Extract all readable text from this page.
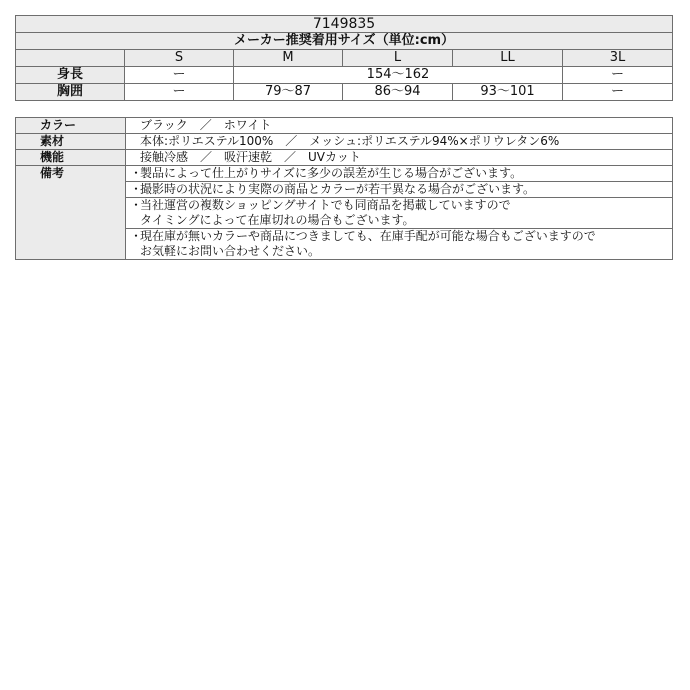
7149835					
メーカー推奨着用サイズ（単位:cm）					
	S	M	L	LL	3L
身長	ー	154～162			ー
胸囲	ー	79～87	86～94	93～101	ー
カラー	ブラック　／　ホワイト
素材	本体:ポリエステル100%　／　メッシュ:ポリエステル94%×ポリウレタン6%
機能	接触冷感　／　吸汗速乾　／　UVカット
備考	・製品によって仕上がりサイズに多少の誤差が生じる場合がございます。

	・撮影時の状況により実際の商品とカラーが若干異なる場合がございます。

	・当社運営の複数ショッピングサイトでも同商品を掲載していますので
タイミングによって在庫切れの場合もございます。

	・現在庫が無いカラーや商品につきましても、在庫手配が可能な場合もございますので
お気軽にお問い合わせください。
